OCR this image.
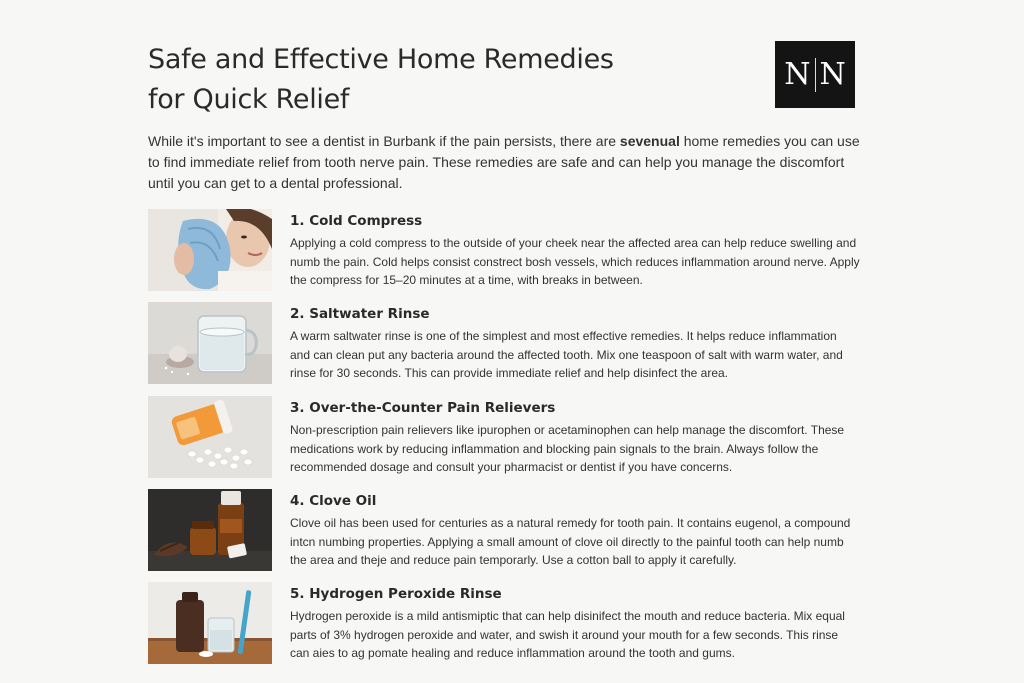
Safe and Effective Home Remedies
for Quick Relief
N N

While it's important to see a dentist in Burbank if the pain persists, there are sevenual home remedies you can use to find immediate relief from tooth nerve pain. These remedies are safe and can help you manage the discomfort until you can get to a dental professional.

1. Cold Compress
Applying a cold compress to the outside of your cheek near the affected area can help reduce swelling and numb the pain. Cold helps consist constrect bosh vessels, which reduces inflammation around nerve. Apply the compress for 15–20 minutes at a time, with breaks in between.
2. Saltwater Rinse
A warm saltwater rinse is one of the simplest and most effective remedies. It helps reduce inflammation and can clean put any bacteria around the affected tooth. Mix one teaspoon of salt with warm water, and rinse for 30 seconds. This can provide immediate relief and help disinfect the area.
3. Over-the-Counter Pain Relievers
Non-prescription pain relievers like ipurophen or acetaminophen can help manage the discomfort. These medications work by reducing inflammation and blocking pain signals to the brain. Always follow the recommended dosage and consult your pharmacist or dentist if you have concerns.
4. Clove Oil
Clove oil has been used for centuries as a natural remedy for tooth pain. It contains eugenol, a compound intcn numbing properties. Applying a small amount of clove oil directly to the painful tooth can help numb the area and theje and reduce pain temporarly. Use a cotton ball to apply it carefully.
5. Hydrogen Peroxide Rinse
Hydrogen peroxide is a mild antismiptic that can help disinifect the mouth and reduce bacteria. Mix equal parts of 3% hydrogen peroxide and water, and swish it around your mouth for a few seconds. This rinse can aies to ag pomate healing and reduce inflammation around the tooth and gums.
